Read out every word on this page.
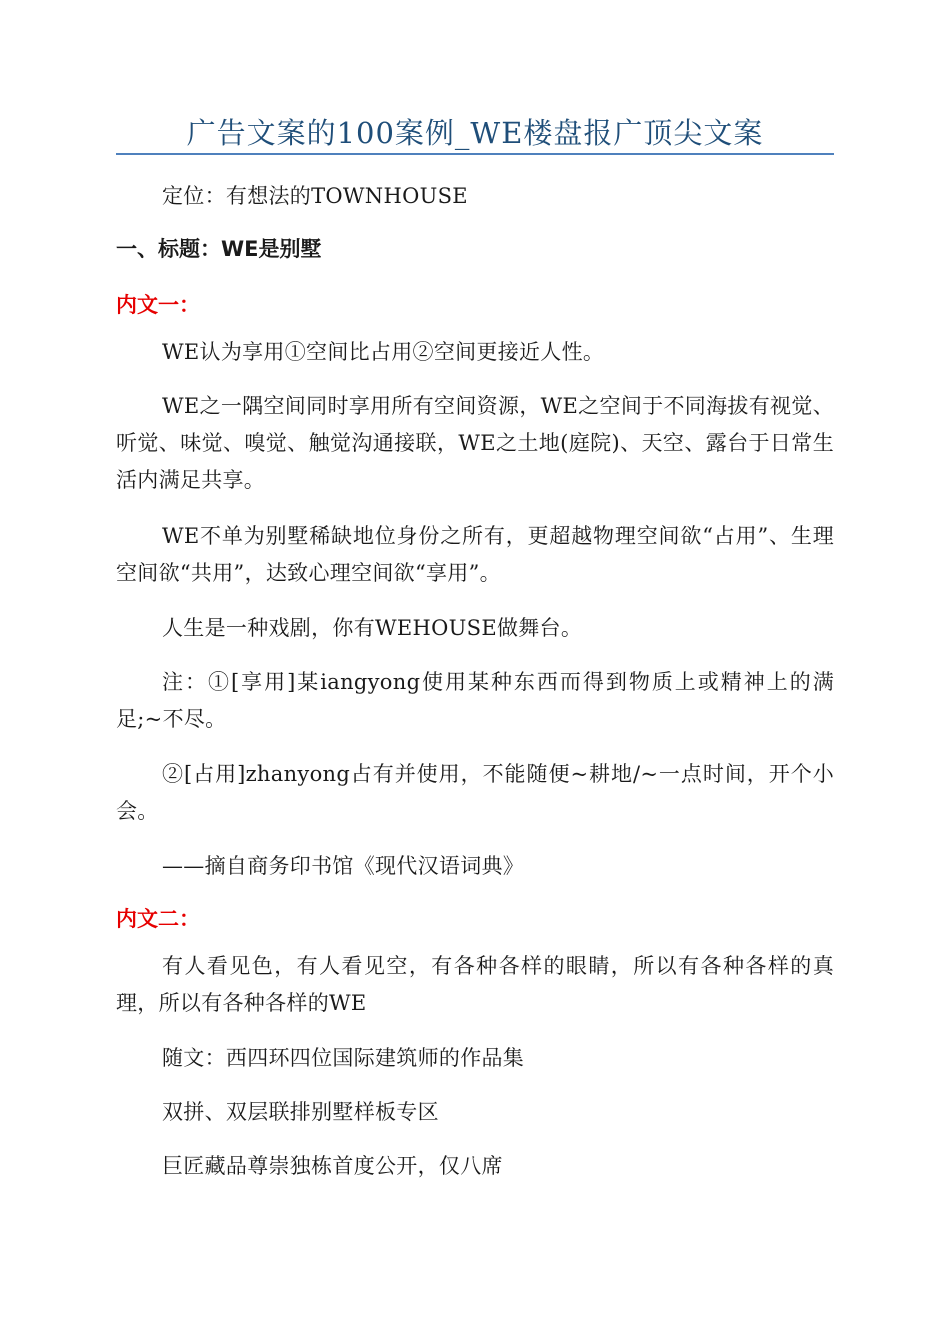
广告文案的100案例_WE楼盘报广顶尖文案

定位：有想法的TOWNHOUSE

一、标题：WE是别墅
内文一：

WE认为享用①空间比占用②空间更接近人性。

WE之一隅空间同时享用所有空间资源，WE之空间于不同海拔有视觉、听觉、味觉、嗅觉、触觉沟通接联，WE之土地(庭院)、天空、露台于日常生活内满足共享。

WE不单为别墅稀缺地位身份之所有，更超越物理空间欲“占用”、生理空间欲“共用”，达致心理空间欲“享用”。

人生是一种戏剧，你有WEHOUSE做舞台。

注：①[享用]某iangyong使用某种东西而得到物质上或精神上的满足;~不尽。

②[占用]zhanyong占有并使用，不能随便~耕地/~一点时间，开个小会。

——摘自商务印书馆《现代汉语词典》

内文二：

有人看见色，有人看见空，有各种各样的眼睛，所以有各种各样的真理，所以有各种各样的WE

随文：西四环四位国际建筑师的作品集

双拼、双层联排别墅样板专区

巨匠藏品尊崇独栋首度公开，仅八席
